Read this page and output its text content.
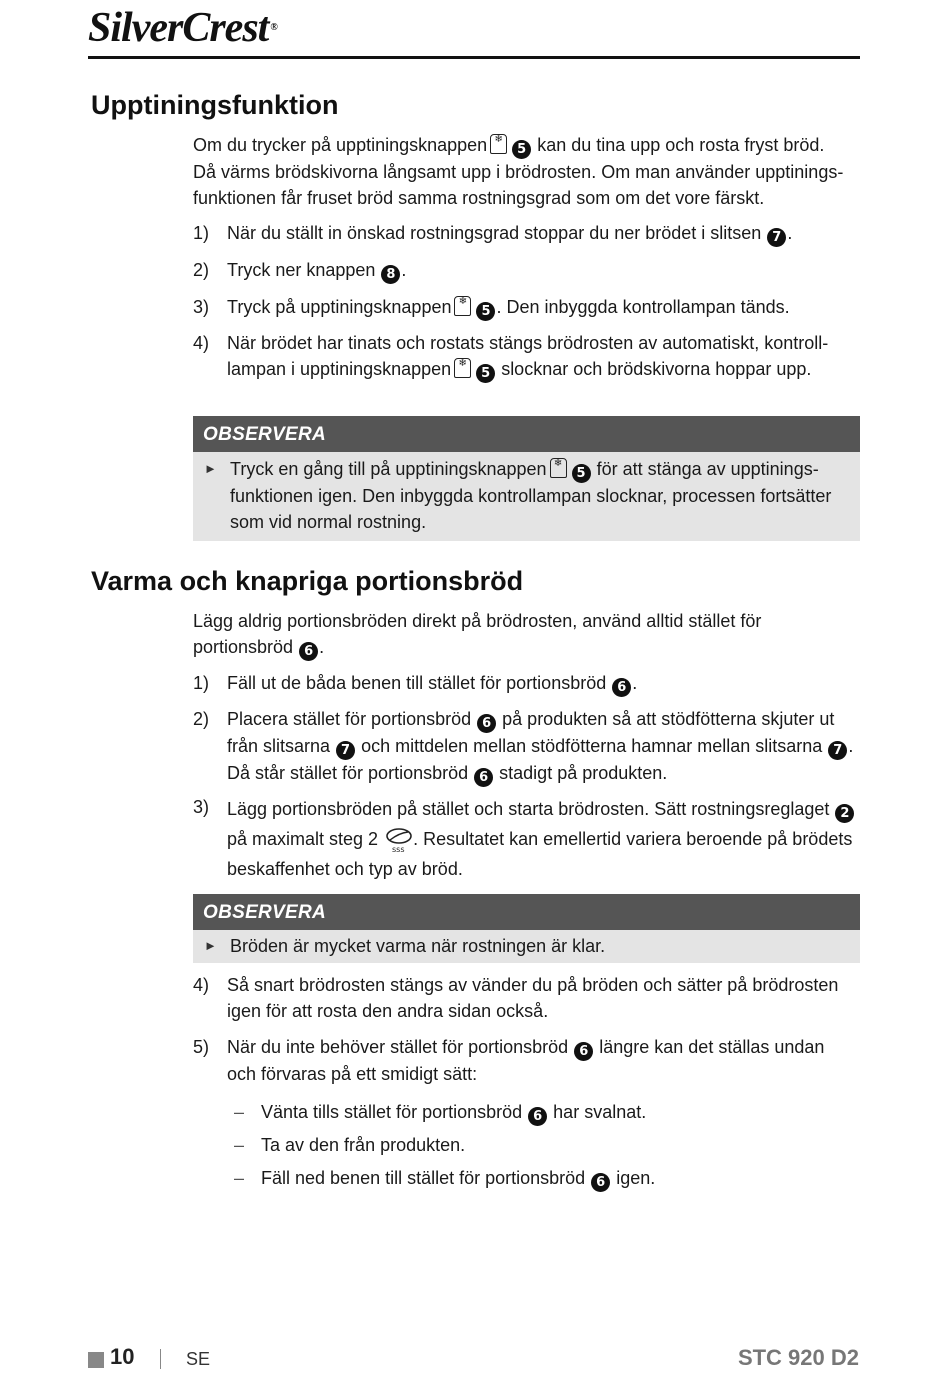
SilverCrest ®
Upptiningsfunktion

Om du trycker på upptiningsknappen ❄ 5 kan du tina upp och rosta fryst bröd.
Då värms brödskivorna långsamt upp i brödrosten. Om man använder upptinings-
funktionen får fruset bröd samma rostningsgrad som om det vore färskt.

1) När du ställt in önskad rostningsgrad stoppar du ner brödet i slitsen 7 .
2) Tryck ner knappen 8 .
3) Tryck på upptiningsknappen ❄ 5 . Den inbyggda kontrollampan tänds.
4) När brödet har tinats och rostats stängs brödrosten av automatiskt, kontroll-
lampan i upptiningsknappen ❄ 5 slocknar och brödskivorna hoppar upp.
OBSERVERA
► Tryck en gång till på upptiningsknappen ❄ 5 för att stänga av upptinings-
funktionen igen. Den inbyggda kontrollampan slocknar, processen fortsätter
som vid normal rostning.
Varma och knapriga portionsbröd

Lägg aldrig portionsbröden direkt på brödrosten, använd alltid stället för
portionsbröd 6 .

1) Fäll ut de båda benen till stället för portionsbröd 6 .
2) Placera stället för portionsbröd 6 på produkten så att stödfötterna skjuter ut
från slitsarna 7 och mittdelen mellan stödfötterna hamnar mellan slitsarna 7 .
Då står stället för portionsbröd 6 stadigt på produkten.
3) Lägg portionsbröden på stället och starta brödrosten. Sätt rostningsreglaget 2
på maximalt steg 2
sss
. Resultatet kan emellertid variera beroende på brödets
beskaffenhet och typ av bröd.
OBSERVERA
► Bröden är mycket varma när rostningen är klar.
4) Så snart brödrosten stängs av vänder du på bröden och sätter på brödrosten
igen för att rosta den andra sidan också.
5) När du inte behöver stället för portionsbröd 6 längre kan det ställas undan
och förvaras på ett smidigt sätt:
– Vänta tills stället för portionsbröd 6 har svalnat.
– Ta av den från produkten.
– Fäll ned benen till stället för portionsbröd 6 igen.
10	SE	STC 920 D2
